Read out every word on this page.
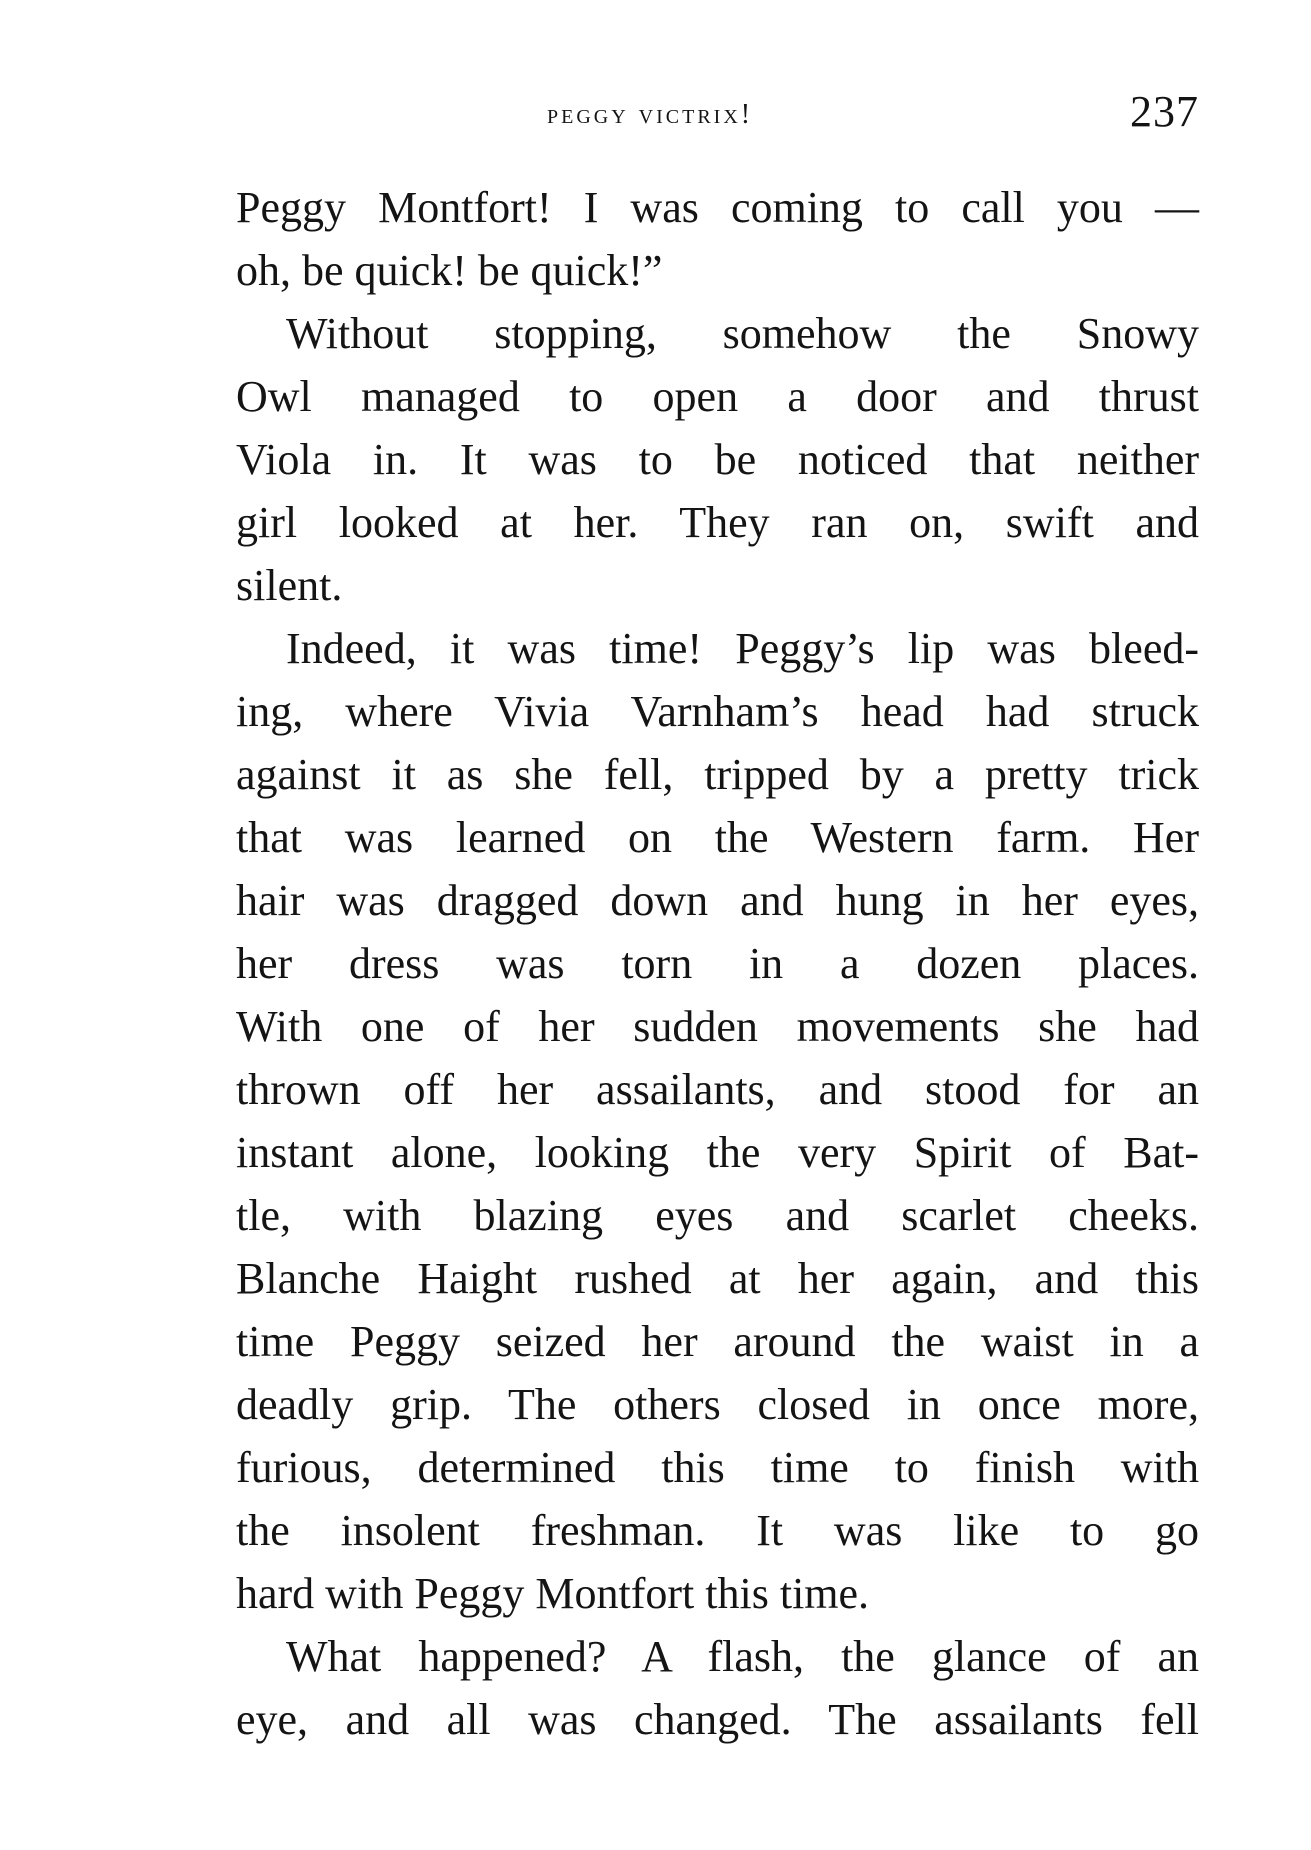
peggy victrix!	237
Peggy Montfort! I was coming to call you —
oh, be quick! be quick!”
Without stopping, somehow the Snowy
Owl managed to open a door and thrust
Viola in. It was to be noticed that neither
girl looked at her. They ran on, swift and
silent.
Indeed, it was time! Peggy’s lip was bleed-
ing, where Vivia Varnham’s head had struck
against it as she fell, tripped by a pretty trick
that was learned on the Western farm. Her
hair was dragged down and hung in her eyes,
her dress was torn in a dozen places.
With one of her sudden movements she had
thrown off her assailants, and stood for an
instant alone, looking the very Spirit of Bat-
tle, with blazing eyes and scarlet cheeks.
Blanche Haight rushed at her again, and this
time Peggy seized her around the waist in a
deadly grip. The others closed in once more,
furious, determined this time to finish with
the insolent freshman. It was like to go
hard with Peggy Montfort this time.
What happened? A flash, the glance of an
eye, and all was changed. The assailants fell
